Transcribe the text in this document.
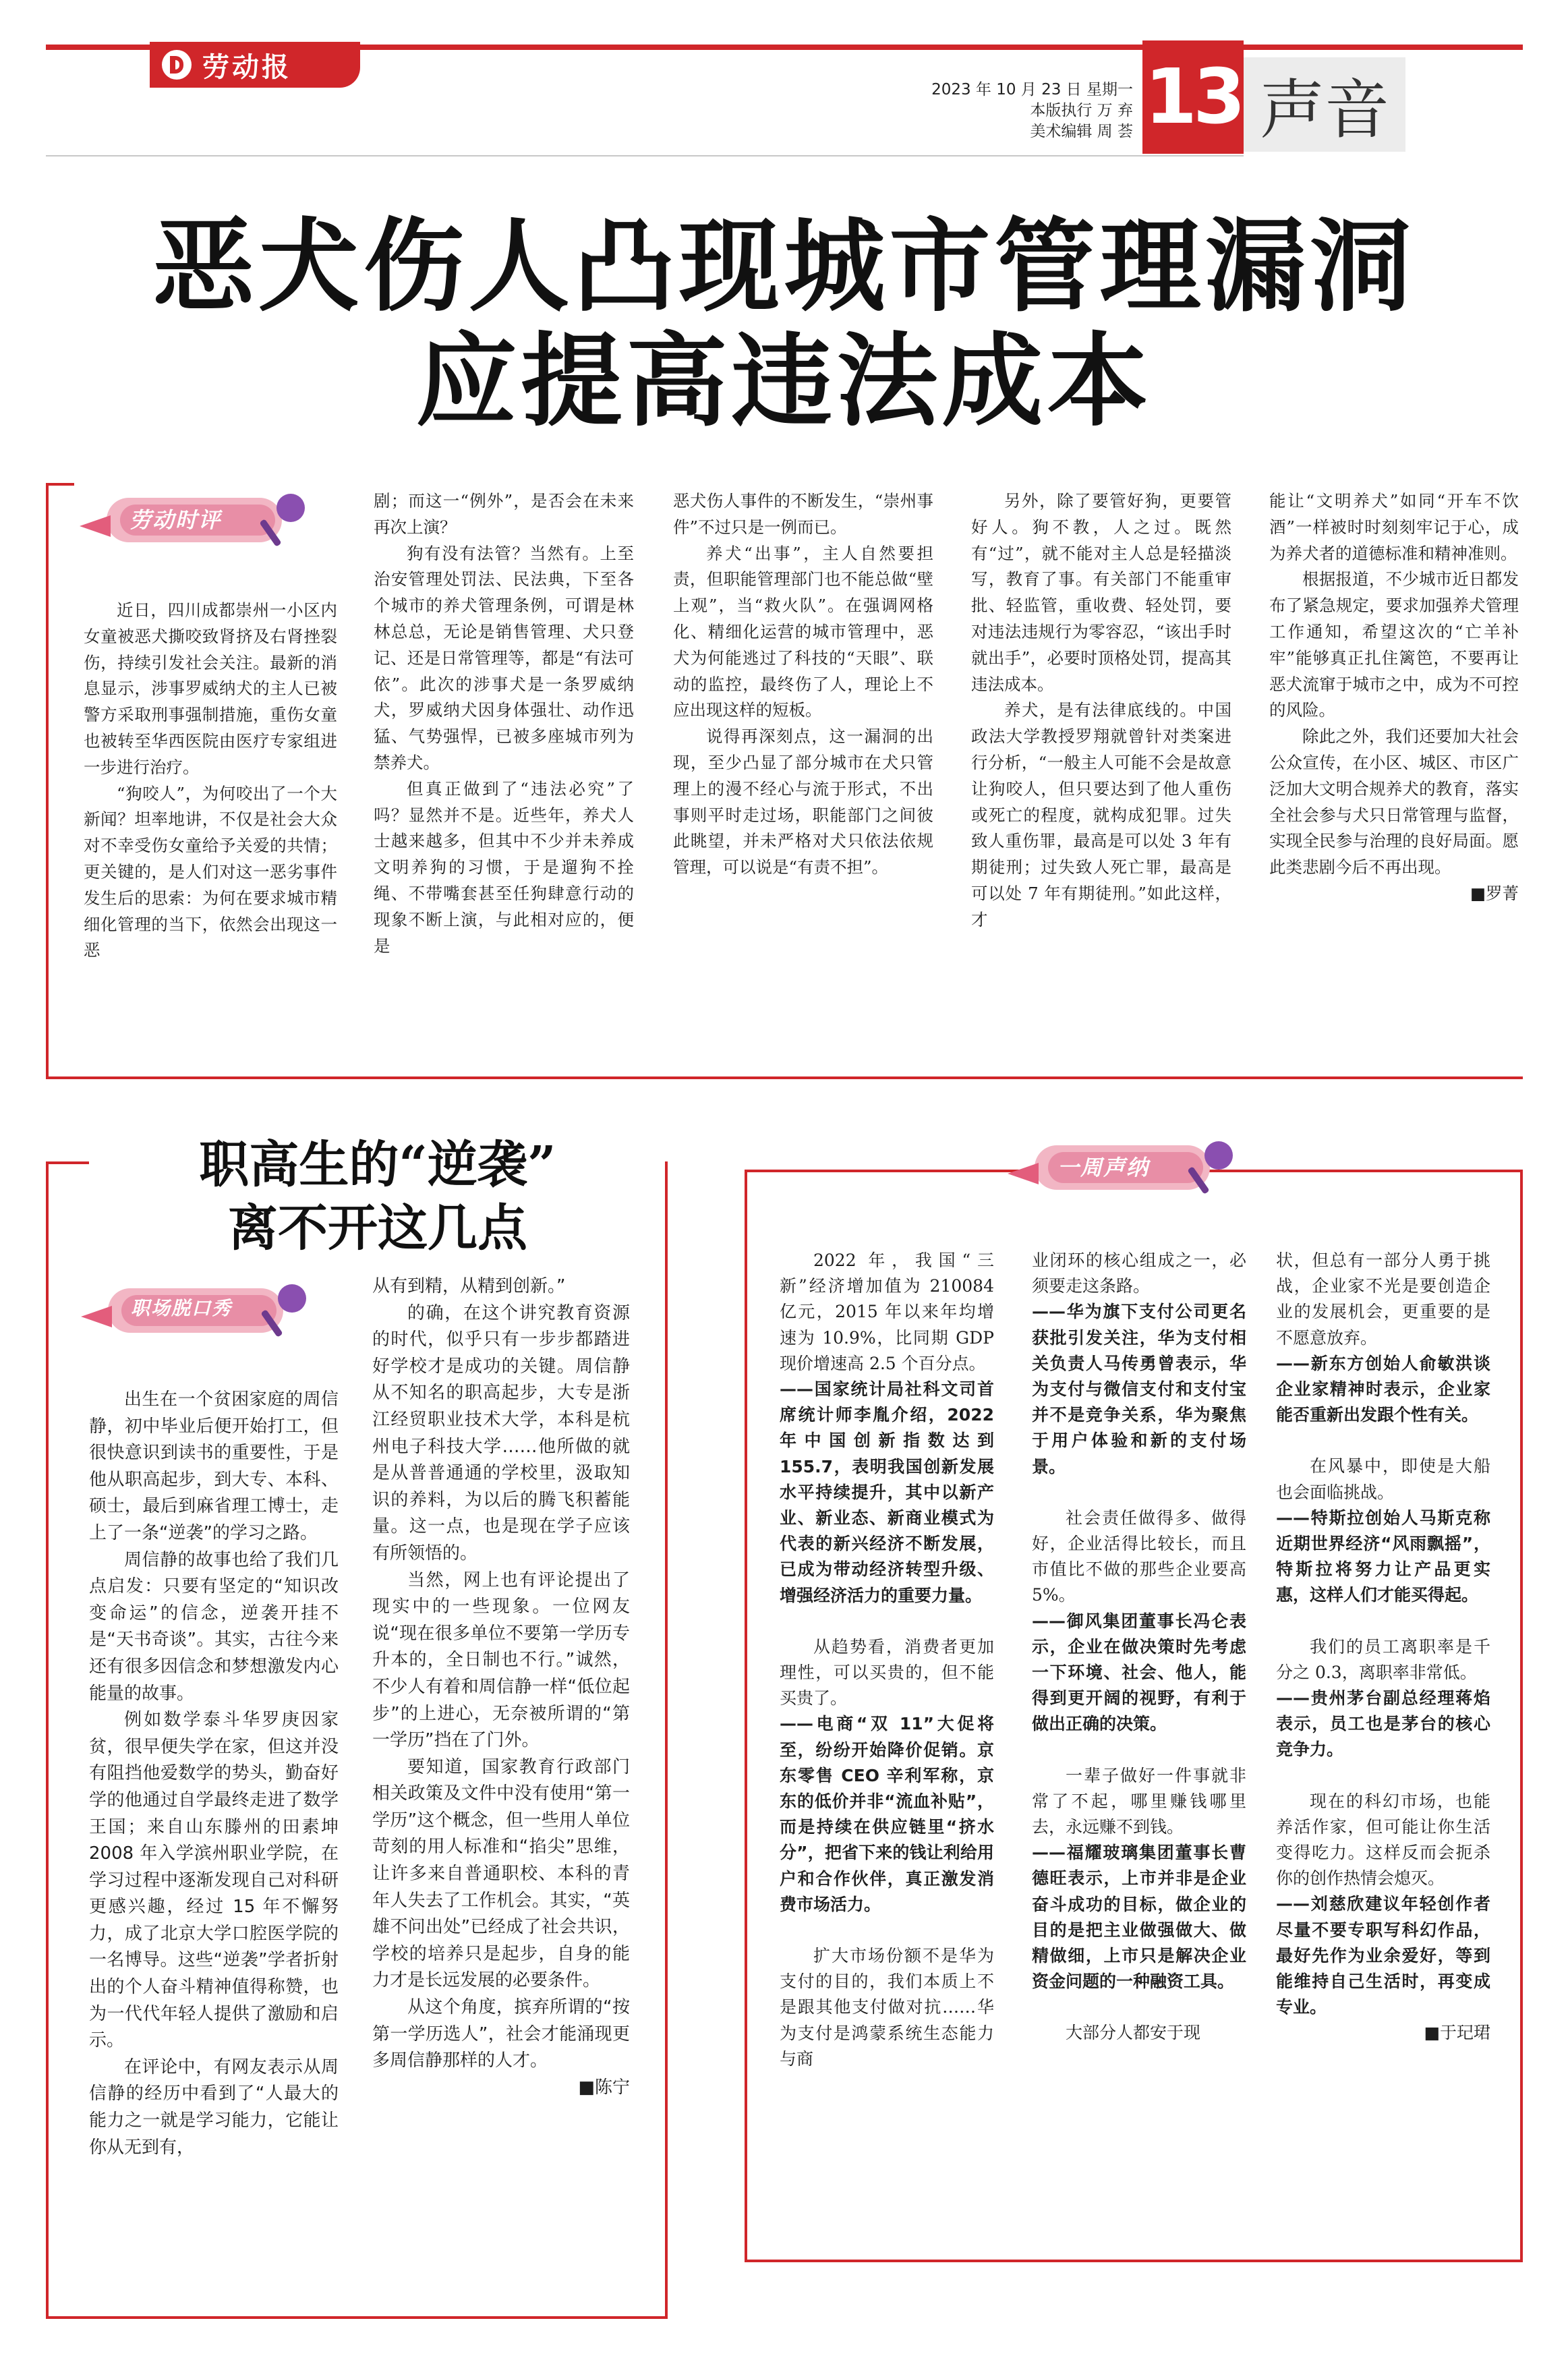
劳动报
2023 年 10 月 23 日 星期一
本版执行 万 弃
美术编辑 周 荟 13 声音
恶犬伤人凸现城市管理漏洞
应提高违法成本
劳动时评

近日，四川成都崇州一小区内女童被恶犬撕咬致肾挤及右肾挫裂伤，持续引发社会关注。最新的消息显示，涉事罗威纳犬的主人已被警方采取刑事强制措施，重伤女童也被转至华西医院由医疗专家组进一步进行治疗。

“狗咬人”，为何咬出了一个大新闻？坦率地讲，不仅是社会大众对不幸受伤女童给予关爱的共情；更关键的，是人们对这一恶劣事件发生后的思索：为何在要求城市精细化管理的当下，依然会出现这一恶

剧；而这一“例外”，是否会在未来再次上演？

狗有没有法管？当然有。上至治安管理处罚法、民法典，下至各个城市的养犬管理条例，可谓是林林总总，无论是销售管理、犬只登记、还是日常管理等，都是“有法可依”。此次的涉事犬是一条罗威纳犬，罗威纳犬因身体强壮、动作迅猛、气势强悍，已被多座城市列为禁养犬。

但真正做到了“违法必究”了吗？显然并不是。近些年，养犬人士越来越多，但其中不少并未养成文明养狗的习惯，于是遛狗不拴绳、不带嘴套甚至任狗肆意行动的现象不断上演，与此相对应的，便是

恶犬伤人事件的不断发生，“崇州事件”不过只是一例而已。

养犬“出事”，主人自然要担责，但职能管理部门也不能总做“壁上观”，当“救火队”。在强调网格化、精细化运营的城市管理中，恶犬为何能逃过了科技的“天眼”、联动的监控，最终伤了人，理论上不应出现这样的短板。

说得再深刻点，这一漏洞的出现，至少凸显了部分城市在犬只管理上的漫不经心与流于形式，不出事则平时走过场，职能部门之间彼此眺望，并未严格对犬只依法依规管理，可以说是“有责不担”。

另外，除了要管好狗，更要管好人。狗不教，人之过。既然有“过”，就不能对主人总是轻描淡写，教育了事。有关部门不能重审批、轻监管，重收费、轻处罚，要对违法违规行为零容忍，“该出手时就出手”，必要时顶格处罚，提高其违法成本。

养犬，是有法律底线的。中国政法大学教授罗翔就曾针对类案进行分析，“一般主人可能不会是故意让狗咬人，但只要达到了他人重伤或死亡的程度，就构成犯罪。过失致人重伤罪，最高是可以处 3 年有期徒刑；过失致人死亡罪，最高是可以处 7 年有期徒刑。”如此这样，才

能让“文明养犬”如同“开车不饮酒”一样被时时刻刻牢记于心，成为养犬者的道德标准和精神准则。

根据报道，不少城市近日都发布了紧急规定，要求加强养犬管理工作通知，希望这次的“亡羊补牢”能够真正扎住篱笆，不要再让恶犬流窜于城市之中，成为不可控的风险。

除此之外，我们还要加大社会公众宣传，在小区、城区、市区广泛加大文明合规养犬的教育，落实全社会参与犬只日常管理与监督，实现全民参与治理的良好局面。愿此类悲剧今后不再出现。

■罗菁
职高生的“逆袭”
离不开这几点
职场脱口秀

出生在一个贫困家庭的周信静，初中毕业后便开始打工，但很快意识到读书的重要性，于是他从职高起步，到大专、本科、硕士，最后到麻省理工博士，走上了一条“逆袭”的学习之路。

周信静的故事也给了我们几点启发：只要有坚定的“知识改变命运”的信念，逆袭开挂不是“天书奇谈”。其实，古往今来还有很多因信念和梦想激发内心能量的故事。

例如数学泰斗华罗庚因家贫，很早便失学在家，但这并没有阻挡他爱数学的势头，勤奋好学的他通过自学最终走进了数学王国；来自山东滕州的田素坤 2008 年入学滨州职业学院，在学习过程中逐渐发现自己对科研更感兴趣，经过 15 年不懈努力，成了北京大学口腔医学院的一名博导。这些“逆袭”学者折射出的个人奋斗精神值得称赞，也为一代代年轻人提供了激励和启示。

在评论中，有网友表示从周信静的经历中看到了“人最大的能力之一就是学习能力，它能让你从无到有，

从有到精，从精到创新。”

的确，在这个讲究教育资源的时代，似乎只有一步步都踏进好学校才是成功的关键。周信静从不知名的职高起步，大专是浙江经贸职业技术大学，本科是杭州电子科技大学……他所做的就是从普普通通的学校里，汲取知识的养料，为以后的腾飞积蓄能量。这一点，也是现在学子应该有所领悟的。

当然，网上也有评论提出了现实中的一些现象。一位网友说“现在很多单位不要第一学历专升本的，全日制也不行。”诚然，不少人有着和周信静一样“低位起步”的上进心，无奈被所谓的“第一学历”挡在了门外。

要知道，国家教育行政部门相关政策及文件中没有使用“第一学历”这个概念，但一些用人单位苛刻的用人标准和“掐尖”思维，让许多来自普通职校、本科的青年人失去了工作机会。其实，“英雄不问出处”已经成了社会共识，学校的培养只是起步，自身的能力才是长远发展的必要条件。

从这个角度，摈弃所谓的“按第一学历选人”，社会才能涌现更多周信静那样的人才。

■陈宁
一周声纳

2022 年，我国“三新”经济增加值为 210084 亿元，2015 年以来年均增速为 10.9%，比同期 GDP 现价增速高 2.5 个百分点。

——国家统计局社科文司首席统计师李胤介绍，2022 年中国创新指数达到 155.7，表明我国创新发展水平持续提升，其中以新产业、新业态、新商业模式为代表的新兴经济不断发展，已成为带动经济转型升级、增强经济活力的重要力量。

从趋势看，消费者更加理性，可以买贵的，但不能买贵了。

——电商“双 11”大促将至，纷纷开始降价促销。京东零售 CEO 辛利军称，京东的低价并非“流血补贴”，而是持续在供应链里“挤水分”，把省下来的钱让利给用户和合作伙伴，真正激发消费市场活力。

扩大市场份额不是华为支付的目的，我们本质上不是跟其他支付做对抗……华为支付是鸿蒙系统生态能力与商

业闭环的核心组成之一，必须要走这条路。

——华为旗下支付公司更名获批引发关注，华为支付相关负责人马传勇曾表示，华为支付与微信支付和支付宝并不是竞争关系，华为聚焦于用户体验和新的支付场景。

社会责任做得多、做得好，企业活得比较长，而且市值比不做的那些企业要高 5%。

——御风集团董事长冯仑表示，企业在做决策时先考虑一下环境、社会、他人，能得到更开阔的视野，有利于做出正确的决策。

一辈子做好一件事就非常了不起，哪里赚钱哪里去，永远赚不到钱。

——福耀玻璃集团董事长曹德旺表示，上市并非是企业奋斗成功的目标，做企业的目的是把主业做强做大、做精做细，上市只是解决企业资金问题的一种融资工具。

大部分人都安于现

状，但总有一部分人勇于挑战，企业家不光是要创造企业的发展机会，更重要的是不愿意放弃。

——新东方创始人俞敏洪谈企业家精神时表示，企业家能否重新出发跟个性有关。

在风暴中，即使是大船也会面临挑战。

——特斯拉创始人马斯克称近期世界经济“风雨飘摇”，特斯拉将努力让产品更实惠，这样人们才能买得起。

我们的员工离职率是千分之 0.3，离职率非常低。

——贵州茅台副总经理蒋焰表示，员工也是茅台的核心竞争力。

现在的科幻市场，也能养活作家，但可能让你生活变得吃力。这样反而会扼杀你的创作热情会熄灭。

——刘慈欣建议年轻创作者尽量不要专职写科幻作品，最好先作为业余爱好，等到能维持自己生活时，再变成专业。

■于玘珺
